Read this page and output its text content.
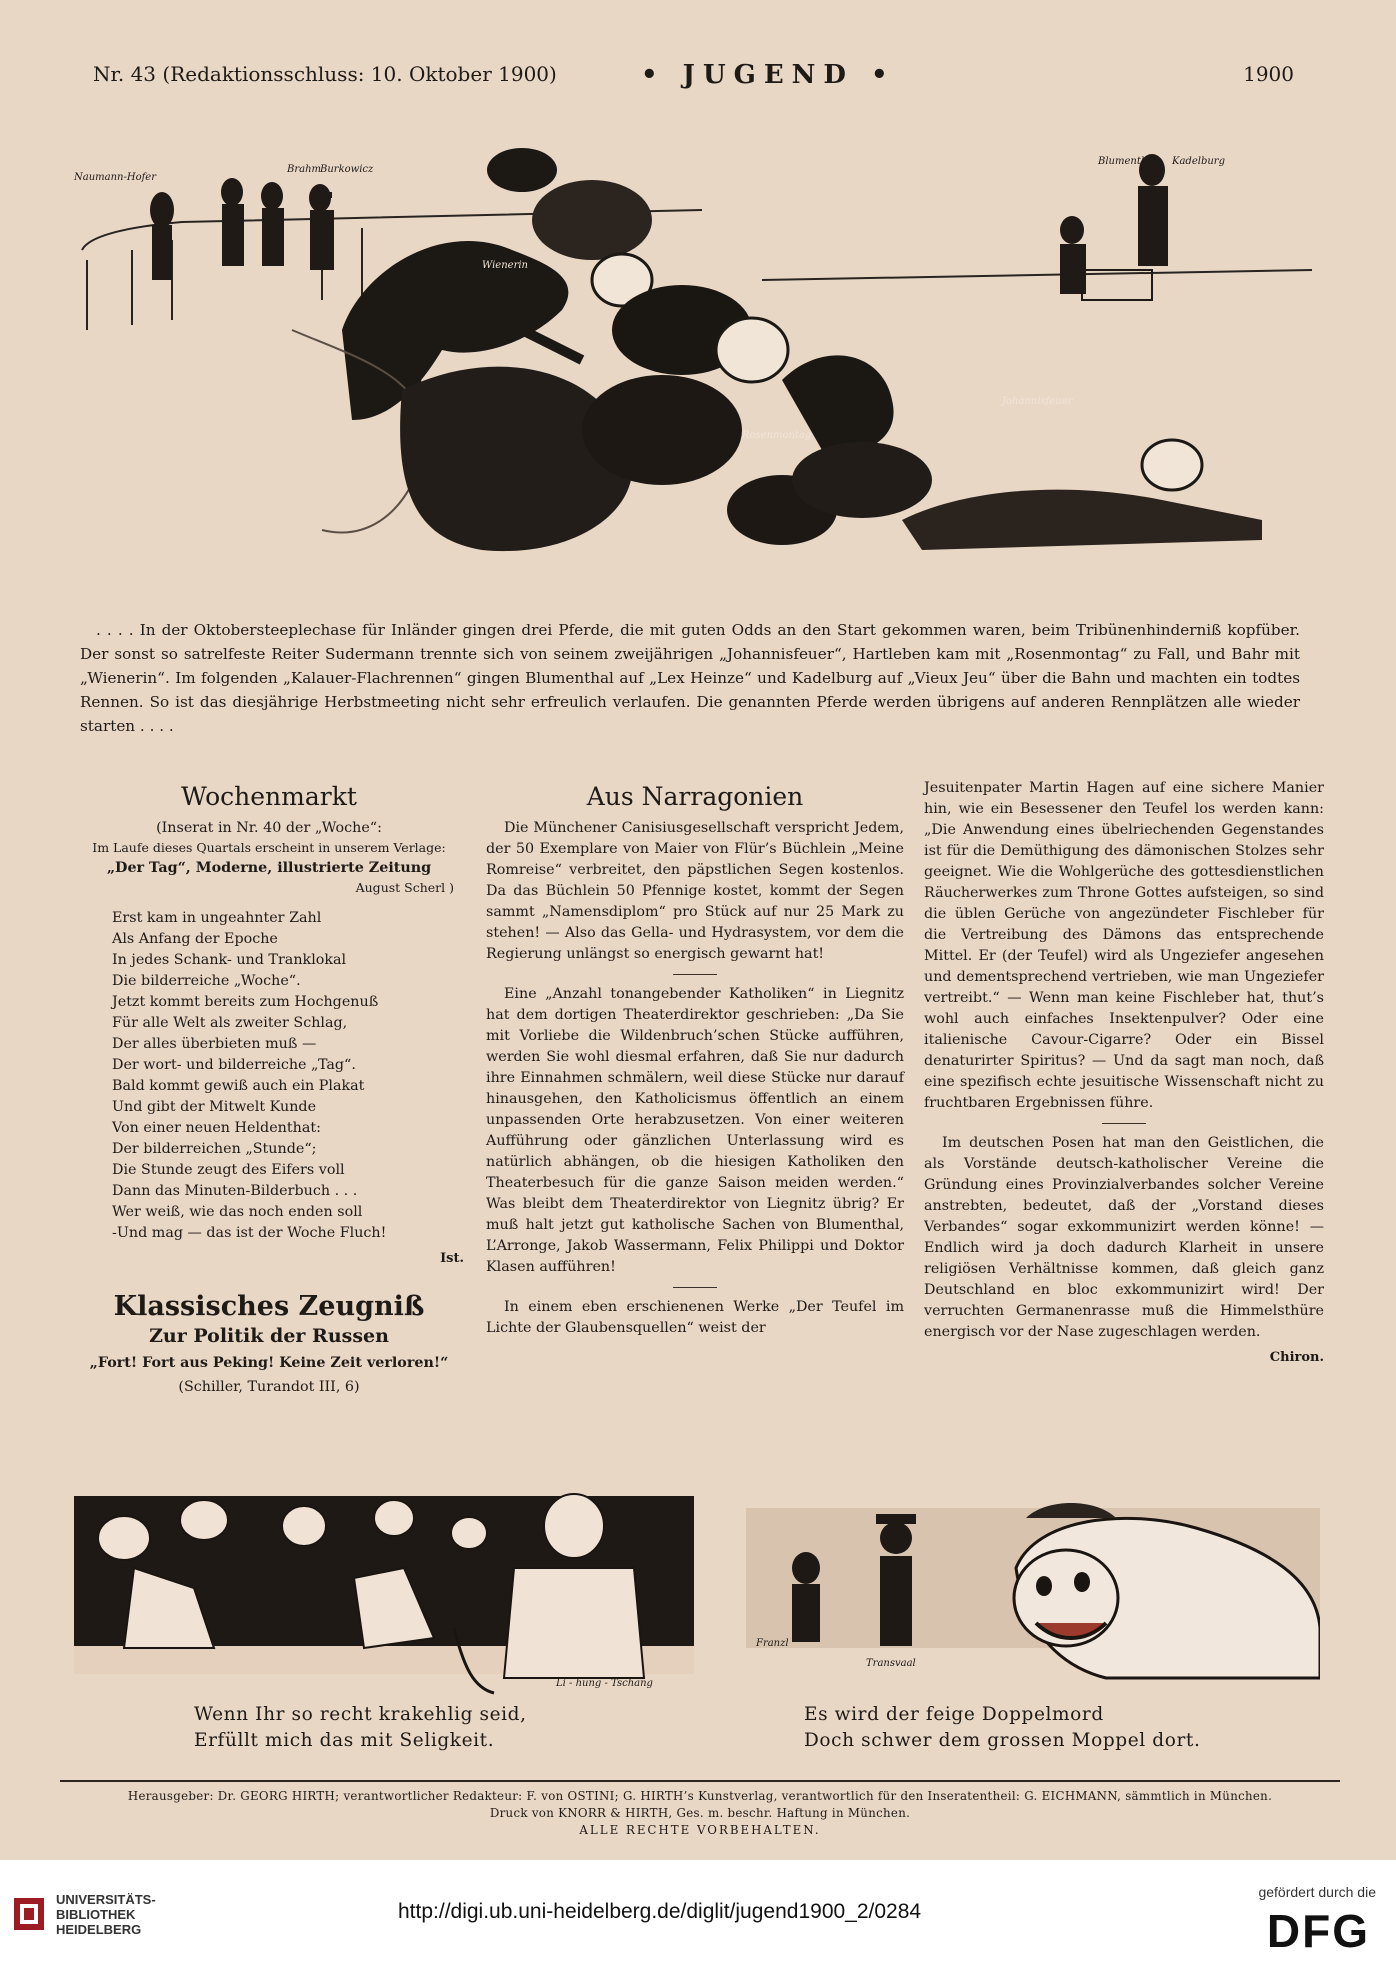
Nr. 43 (Redaktionsschluss: 10. Oktober 1900)	• JUGEND •	1900
Naumann-Hofer
Brahm
Burkowicz
Blumenthal Kadelburg
Wienerin
Rosenmontag
Johannisfeuer

. . . . In der Oktobersteeplechase für Inländer gingen drei Pferde, die mit guten Odds an den Start gekommen waren, beim Tribünenhinderniß kopfüber. Der sonst so satrelfeste Reiter Sudermann trennte sich von seinem zweijährigen „Johannisfeuer“, Hartleben kam mit „Rosenmontag“ zu Fall, und Bahr mit „Wienerin“. Im folgenden „Kalauer-Flachrennen“ gingen Blumenthal auf „Lex Heinze“ und Kadelburg auf „Vieux Jeu“ über die Bahn und machten ein todtes Rennen. So ist das diesjährige Herbstmeeting nicht sehr erfreulich verlaufen. Die genannten Pferde werden übrigens auf anderen Rennplätzen alle wieder starten . . . .

Wochenmarkt
(Inserat in Nr. 40 der „Woche“:
Im Laufe dieses Quartals erscheint in unserem Verlage:
„Der Tag“, Moderne, illustrierte Zeitung
August Scherl )

Erst kam in ungeahnter Zahl

Als Anfang der Epoche

In jedes Schank- und Tranklokal

Die bilderreiche „Woche“.

Jetzt kommt bereits zum Hochgenuß

Für alle Welt als zweiter Schlag,

Der alles überbieten muß —

Der wort- und bilderreiche „Tag“.

Bald kommt gewiß auch ein Plakat

Und gibt der Mitwelt Kunde

Von einer neuen Heldenthat:

Der bilderreichen „Stunde“;

Die Stunde zeugt des Eifers voll

Dann das Minuten-Bilderbuch . . .

Wer weiß, wie das noch enden soll

-Und mag — das ist der Woche Fluch!

Ist.
Klassisches Zeugniß
Zur Politik der Russen
„Fort! Fort aus Peking! Keine Zeit verloren!“
(Schiller, Turandot III, 6)
Aus Narragonien

Die Münchener Canisiusgesellschaft verspricht Jedem, der 50 Exemplare von Maier von Flür’s Büchlein „Meine Romreise“ verbreitet, den päpstlichen Segen kostenlos. Da das Büchlein 50 Pfennige kostet, kommt der Segen sammt „Namensdiplom“ pro Stück auf nur 25 Mark zu stehen! — Also das Gella- und Hydrasystem, vor dem die Regierung unlängst so energisch gewarnt hat!

Eine „Anzahl tonangebender Katholiken“ in Liegnitz hat dem dortigen Theaterdirektor geschrieben: „Da Sie mit Vorliebe die Wildenbruch’schen Stücke aufführen, werden Sie wohl diesmal erfahren, daß Sie nur dadurch ihre Einnahmen schmälern, weil diese Stücke nur darauf hinausgehen, den Katholicismus öffentlich an einem unpassenden Orte herabzusetzen. Von einer weiteren Aufführung oder gänzlichen Unterlassung wird es natürlich abhängen, ob die hiesigen Katholiken den Theaterbesuch für die ganze Saison meiden werden.“ Was bleibt dem Theaterdirektor von Liegnitz übrig? Er muß halt jetzt gut katholische Sachen von Blumenthal, L’Arronge, Jakob Wassermann, Felix Philippi und Doktor Klasen aufführen!

In einem eben erschienenen Werke „Der Teufel im Lichte der Glaubensquellen“ weist der

Jesuitenpater Martin Hagen auf eine sichere Manier hin, wie ein Besessener den Teufel los werden kann: „Die Anwendung eines übelriechenden Gegenstandes ist für die Demüthigung des dämonischen Stolzes sehr geeignet. Wie die Wohlgerüche des gottesdienstlichen Räucherwerkes zum Throne Gottes aufsteigen, so sind die üblen Gerüche von angezündeter Fischleber für die Vertreibung des Dämons das entsprechende Mittel. Er (der Teufel) wird als Ungeziefer angesehen und dementsprechend vertrieben, wie man Ungeziefer vertreibt.“ — Wenn man keine Fischleber hat, thut’s wohl auch einfaches Insektenpulver? Oder eine italienische Cavour-Cigarre? Oder ein Bissel denaturirter Spiritus? — Und da sagt man noch, daß eine spezifisch echte jesuitische Wissenschaft nicht zu fruchtbaren Ergebnissen führe.

Im deutschen Posen hat man den Geistlichen, die als Vorstände deutsch-katholischer Vereine die Gründung eines Provinzialverbandes solcher Vereine anstrebten, bedeutet, daß der „Vorstand dieses Verbandes“ sogar exkommunizirt werden könne! — Endlich wird ja doch dadurch Klarheit in unsere religiösen Verhältnisse kommen, daß gleich ganz Deutschland en bloc exkommunizirt wird! Der verruchten Germanenrasse muß die Himmelsthüre energisch vor der Nase zugeschlagen werden.

Chiron.
Li - hung - Tschang
Franzl
Transvaal
Wenn Ihr so recht krakehlig seid,
Erfüllt mich das mit Seligkeit.
Es wird der feige Doppelmord
Doch schwer dem grossen Moppel dort.
Herausgeber: Dr. GEORG HIRTH; verantwortlicher Redakteur: F. von OSTINI; G. HIRTH’s Kunstverlag, verantwortlich für den Inseratentheil: G. EICHMANN, sämmtlich in München.
Druck von KNORR & HIRTH, Ges. m. beschr. Haftung in München.
ALLE RECHTE VORBEHALTEN.
UNIVERSITÄTS-
BIBLIOTHEK
HEIDELBERG
http://digi.ub.uni-heidelberg.de/diglit/jugend1900_2/0284
gefördert durch die
DFG
